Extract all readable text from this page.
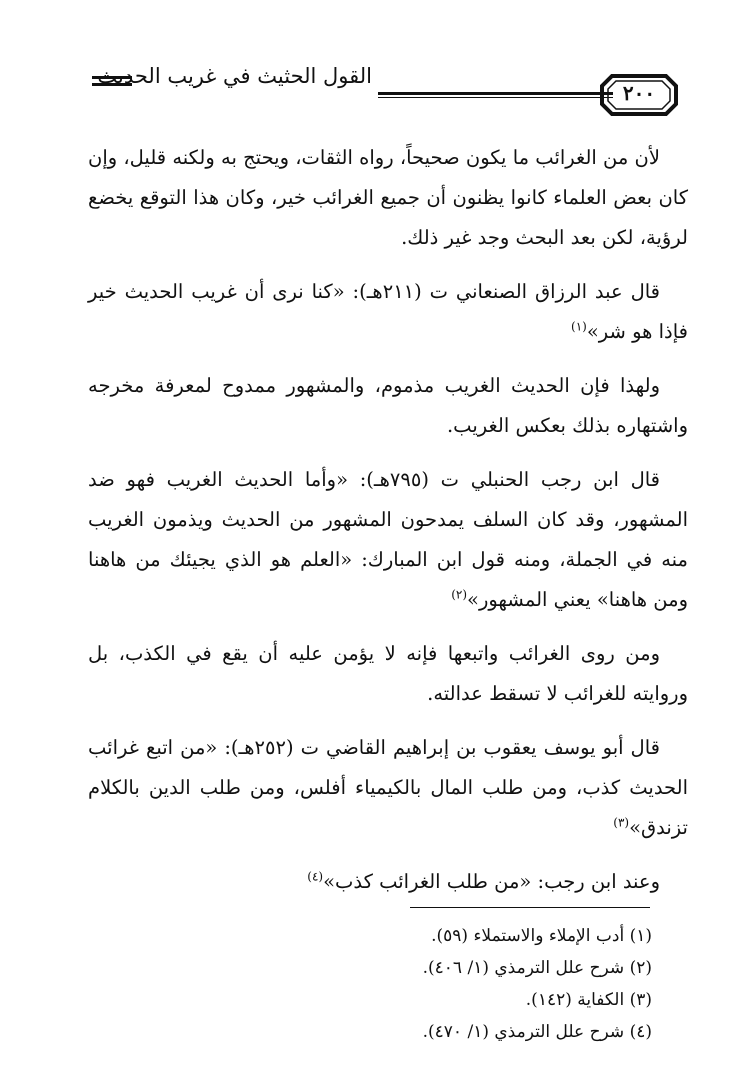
القول الحثيث في غريب الحديث
٢٠٠

لأن من الغرائب ما يكون صحيحاً، رواه الثقات، ويحتج به ولكنه قليل، وإن كان بعض العلماء كانوا يظنون أن جميع الغرائب خير، وكان هذا التوقع يخضع لرؤية، لكن بعد البحث وجد غير ذلك.

قال عبد الرزاق الصنعاني ت (٢١١هـ): «كنا نرى أن غريب الحديث خير فإذا هو شر»$^{(١)}$

ولهذا فإن الحديث الغريب مذموم، والمشهور ممدوح لمعرفة مخرجه واشتهاره بذلك بعكس الغريب.

قال ابن رجب الحنبلي ت (٧٩٥هـ): «وأما الحديث الغريب فهو ضد المشهور، وقد كان السلف يمدحون المشهور من الحديث ويذمون الغريب منه في الجملة، ومنه قول ابن المبارك: «العلم هو الذي يجيئك من هاهنا ومن هاهنا» يعني المشهور»$^{(٢)}$

ومن روى الغرائب واتبعها فإنه لا يؤمن عليه أن يقع في الكذب، بل وروايته للغرائب لا تسقط عدالته.

قال أبو يوسف يعقوب بن إبراهيم القاضي ت (٢٥٢هـ): «من اتبع غرائب الحديث كذب، ومن طلب المال بالكيمياء أفلس، ومن طلب الدين بالكلام تزندق»$^{(٣)}$

وعند ابن رجب: «من طلب الغرائب كذب»$^{(٤)}$

(١) أدب الإملاء والاستملاء (٥٩).
(٢) شرح علل الترمذي (١/ ٤٠٦).
(٣) الكفاية (١٤٢).
(٤) شرح علل الترمذي (١/ ٤٧٠).
